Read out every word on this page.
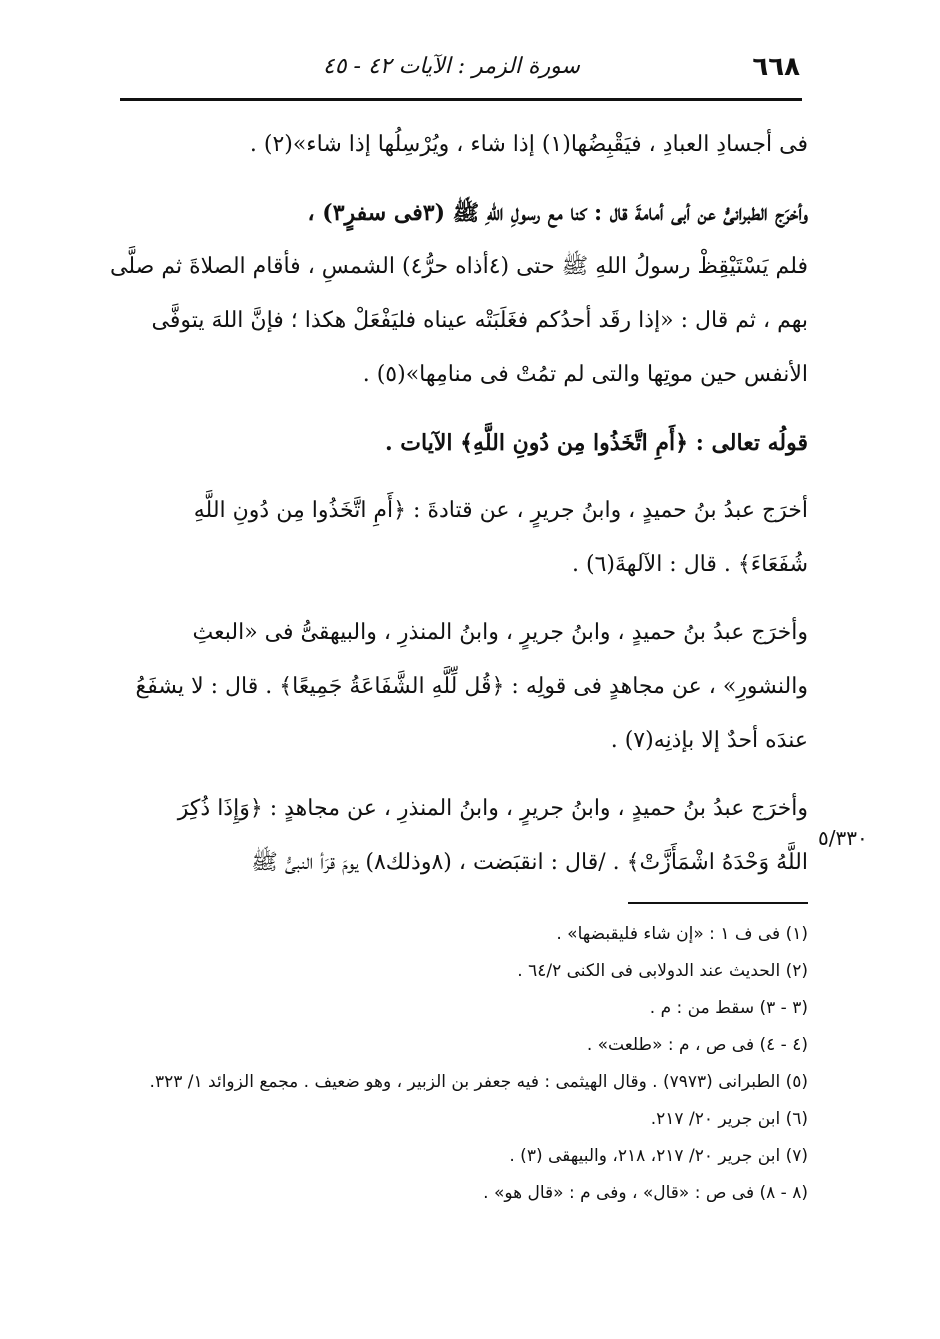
٦٦٨
سورة الزمر : الآيات ٤٢ - ٤٥

فى أجسادِ العبادِ ، فيَقْبِضُها(١) إذا شاء ، ويُرْسِلُها إذا شاء»(٢) .

وأخرَج الطبرانىُّ عن أبى أمامةَ قال : كنا مع رسولِ اللهِ ﷺ (٣فى سفرٍ٣) ،
فلم يَسْتَيْقِظْ رسولُ اللهِ ﷺ حتى (٤أذاه حرُّ٤) الشمسِ ، فأقام الصلاةَ ثم صلَّى
بهم ، ثم قال : «إذا رقَد أحدُكم فغَلَبَتْه عيناه فليَفْعَلْ هكذا ؛ فإنَّ اللهَ يتوفَّى
الأنفس حين موتِها والتى لم تمُتْ فى منامِها»(٥) .

قولُه تعالى : ﴿أَمِ اتَّخَذُوا مِن دُونِ اللَّهِ﴾ الآيات .

أخرَج عبدُ بنُ حميدٍ ، وابنُ جريرٍ ، عن قتادةَ : ﴿أَمِ اتَّخَذُوا مِن دُونِ اللَّهِ
شُفَعَاءَ﴾ . قال : الآلهةَ(٦) .

وأخرَج عبدُ بنُ حميدٍ ، وابنُ جريرٍ ، وابنُ المنذرِ ، والبيهقىُّ فى «البعثِ
والنشورِ» ، عن مجاهدٍ فى قولِه : ﴿قُل لِّلَّهِ الشَّفَاعَةُ جَمِيعًا﴾ . قال : لا يشفَعُ
عندَه أحدٌ إلا بإذنِه(٧) .

وأخرَج عبدُ بنُ حميدٍ ، وابنُ جريرٍ ، وابنُ المنذرِ ، عن مجاهدٍ : ﴿وَإِذَا ذُكِرَ
اللَّهُ وَحْدَهُ اشْمَأَزَّتْ﴾ . /قال : انقبَضت ، (٨وذلك٨) يومَ قرَأ النبىُّ ﷺ

٥/٣٣٠
(١) فى ف ١ : «إن شاء فليقبضها» .
(٢) الحديث عند الدولابى فى الكنى ٦٤/٢ .
(٣ - ٣) سقط من : م .
(٤ - ٤) فى ص ، م : «طلعت» .
(٥) الطبرانى (٧٩٧٣) . وقال الهيثمى : فيه جعفر بن الزبير ، وهو ضعيف . مجمع الزوائد ١/ ٣٢٣.
(٦) ابن جرير ٢٠/ ٢١٧.
(٧) ابن جرير ٢٠/ ٢١٧، ٢١٨، والبيهقى (٣) .
(٨ - ٨) فى ص : «قال» ، وفى م : «قال هو» .
